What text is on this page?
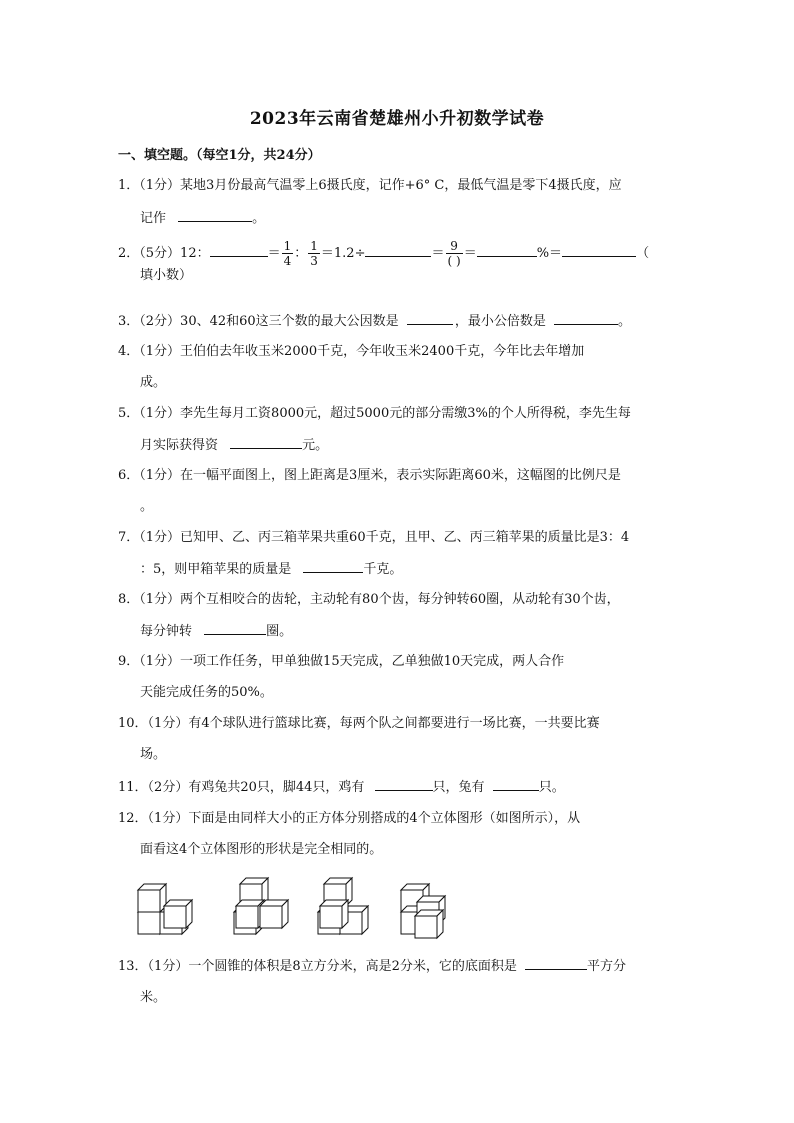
2023年云南省楚雄州小升初数学试卷
一、填空题。（每空1分，共24分）
1．（1分）某地3月份最高气温零上6摄氏度，记作+6° C，最低气温是零下4摄氏度，应
记作	。
2．（5分）12：	＝ $\frac{1}{4}$ ： $\frac{1}{3} =1.2\div$	＝ $\frac{9}{( )}$ ＝	%＝	（
填小数）
3．（2分）30、42和60这三个数的最大公因数是	，最小公倍数是	。
4．（1分）王伯伯去年收玉米2000千克，今年收玉米2400千克，今年比去年增加
成。
5．（1分）李先生每月工资8000元，超过5000元的部分需缴3%的个人所得税，李先生每
月实际获得资	元。
6．（1分）在一幅平面图上，图上距离是3厘米，表示实际距离60米，这幅图的比例尺是
。
7．（1分）已知甲、乙、丙三箱苹果共重60千克，且甲、乙、丙三箱苹果的质量比是3：4
：5，则甲箱苹果的质量是	千克。
8．（1分）两个互相咬合的齿轮，主动轮有80个齿，每分钟转60圈，从动轮有30个齿，
每分钟转	圈。
9．（1分）一项工作任务，甲单独做15天完成，乙单独做10天完成，两人合作
天能完成任务的50%。
10．（1分）有4个球队进行篮球比赛，每两个队之间都要进行一场比赛，一共要比赛
场。
11．（2分）有鸡兔共20只，脚44只，鸡有	只，兔有	只。
12．（1分）下面是由同样大小的正方体分别搭成的4个立体图形（如图所示），从
面看这4个立体图形的形状是完全相同的。
13．（1分）一个圆锥的体积是8立方分米，高是2分米，它的底面积是	平方分
米。
